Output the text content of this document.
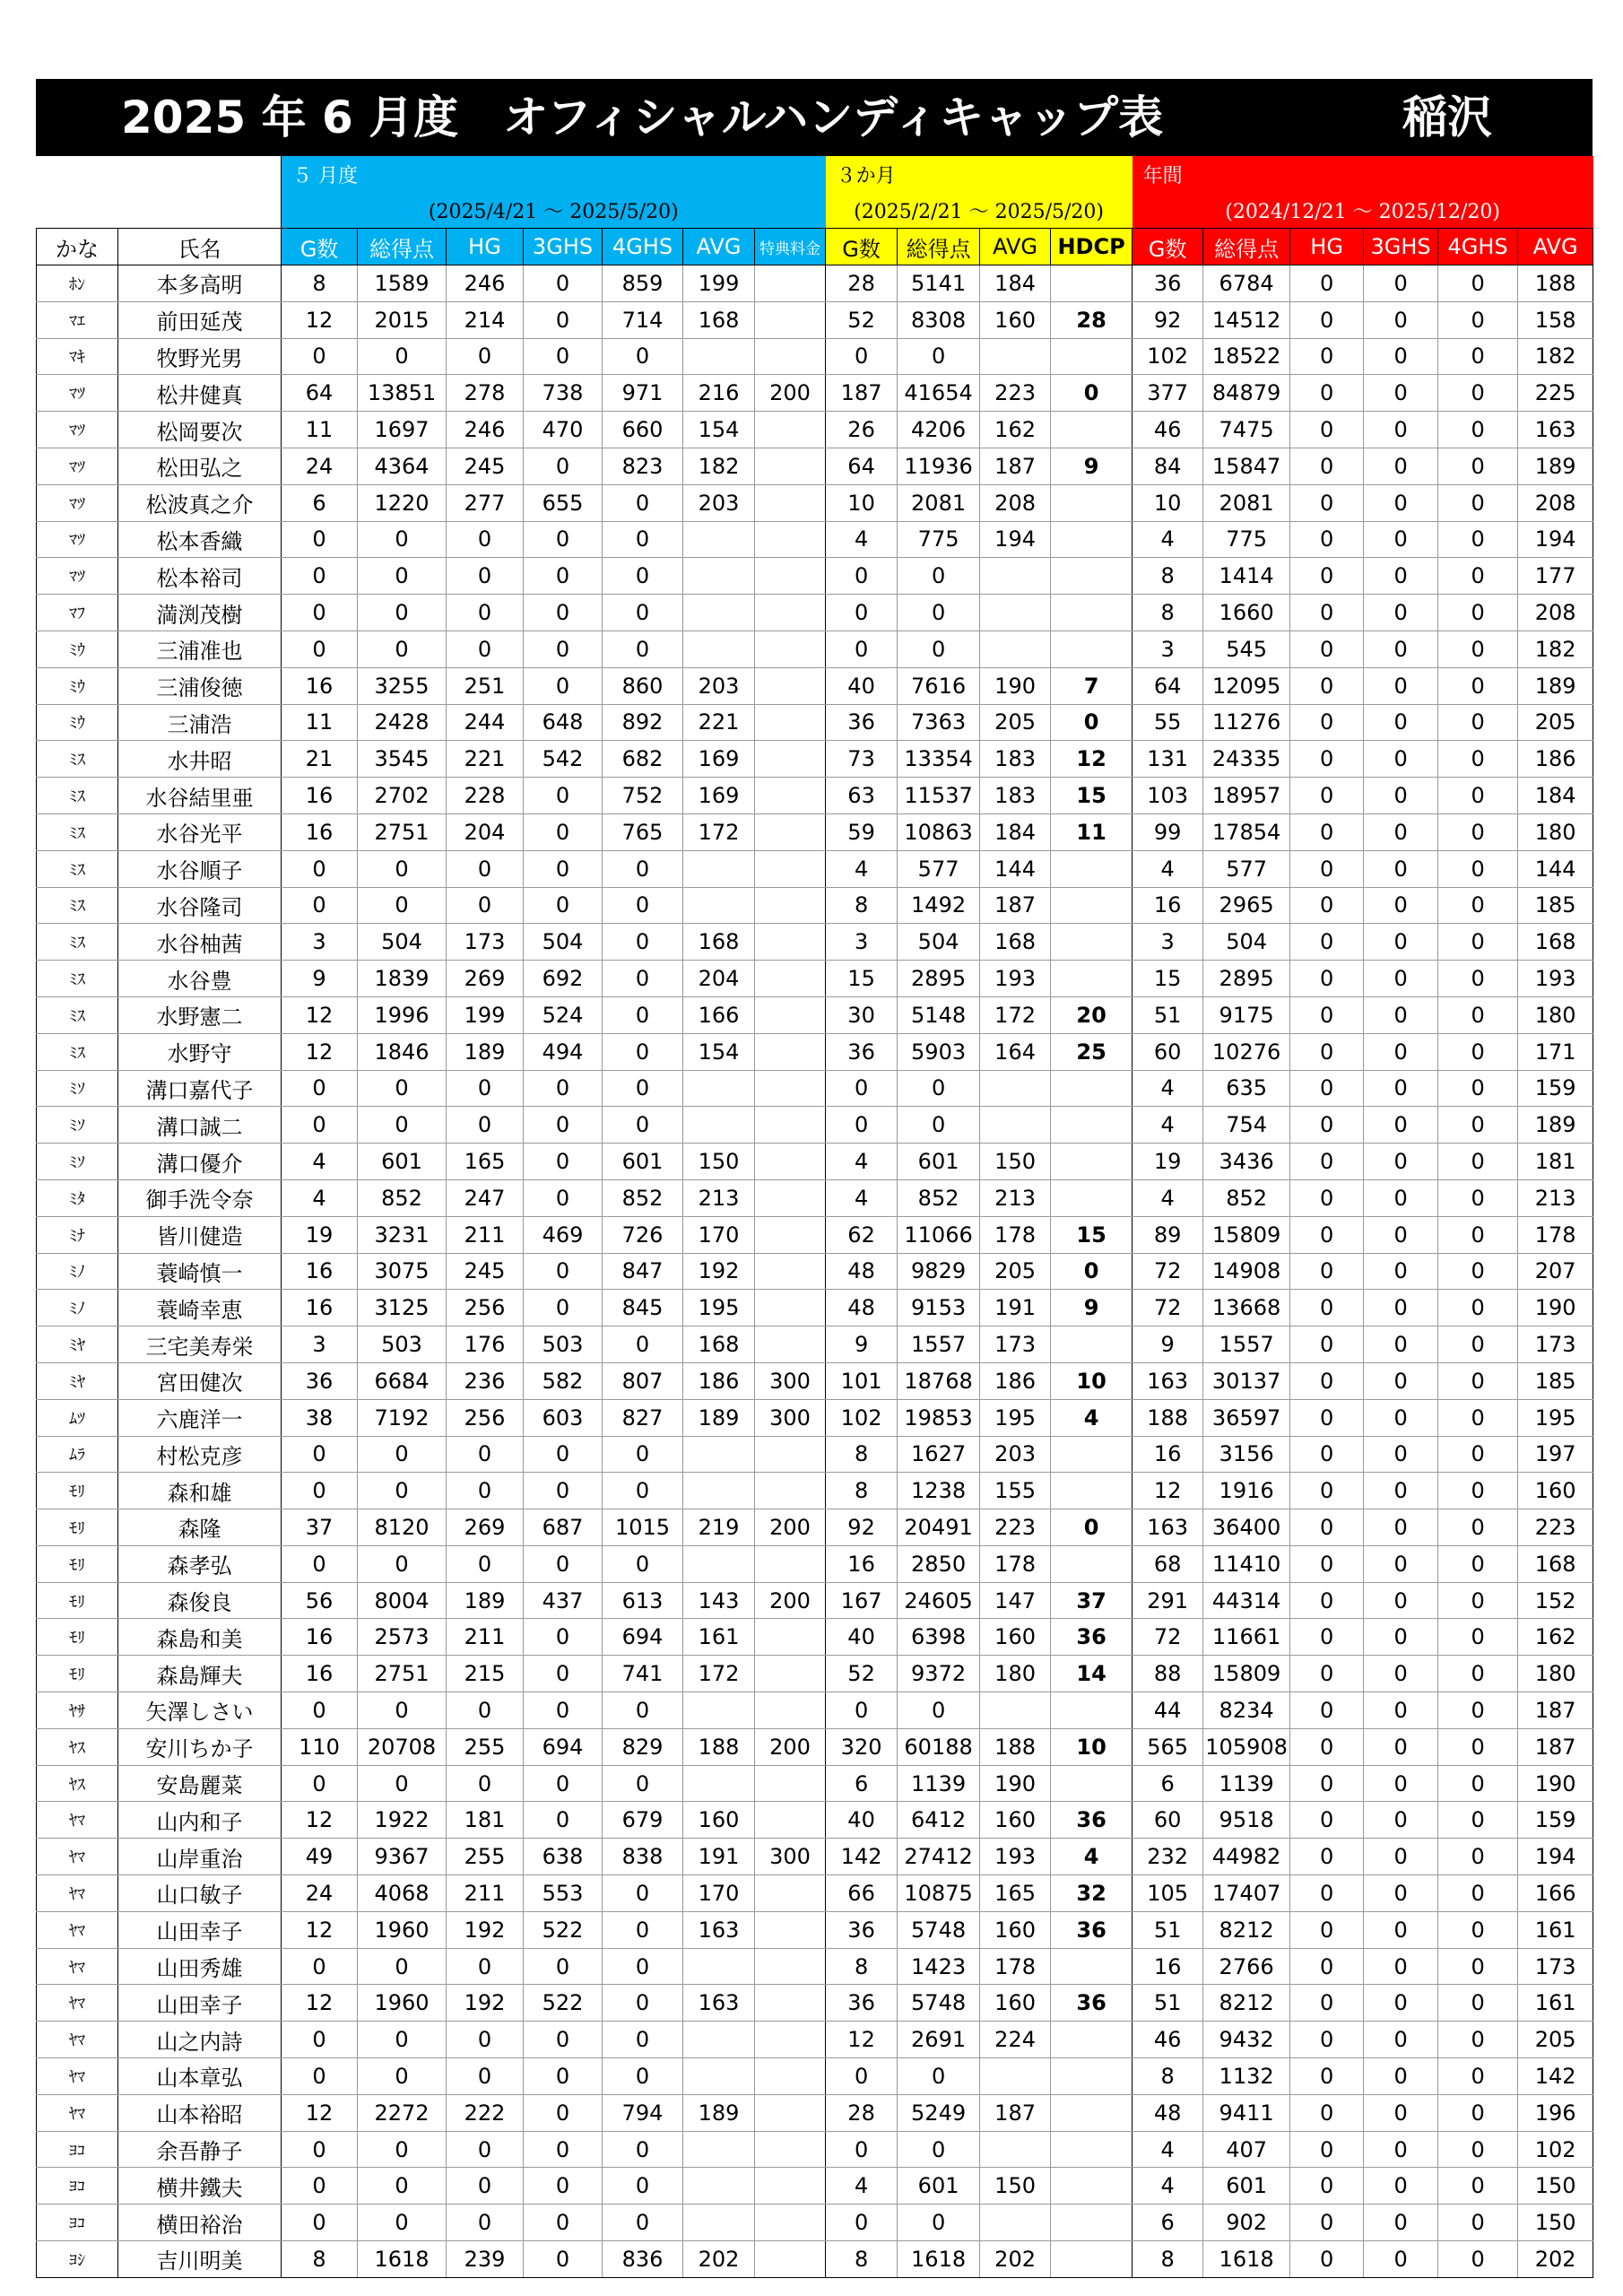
2025 年 6 月度　オフィシャルハンディキャップ表	稲沢
		５ 月度							３か月				年間					
		(2025/4/21 ～ 2025/5/20)							(2025/2/21 ～ 2025/5/20)				(2024/12/21 ～ 2025/12/20)					
かな	氏名	G数	総得点	HG	3GHS	4GHS	AVG	特典料金	G数	総得点	AVG	HDCP	G数	総得点	HG	3GHS	4GHS	AVG
ﾎﾝ	本多高明	8	1589	246	0	859	199		28	5141	184		36	6784	0	0	0	188
ﾏｴ	前田延茂	12	2015	214	0	714	168		52	8308	160	28	92	14512	0	0	0	158
ﾏｷ	牧野光男	0	0	0	0	0			0	0			102	18522	0	0	0	182
ﾏﾂ	松井健真	64	13851	278	738	971	216	200	187	41654	223	0	377	84879	0	0	0	225
ﾏﾂ	松岡要次	11	1697	246	470	660	154		26	4206	162		46	7475	0	0	0	163
ﾏﾂ	松田弘之	24	4364	245	0	823	182		64	11936	187	9	84	15847	0	0	0	189
ﾏﾂ	松波真之介	6	1220	277	655	0	203		10	2081	208		10	2081	0	0	0	208
ﾏﾂ	松本香織	0	0	0	0	0			4	775	194		4	775	0	0	0	194
ﾏﾂ	松本裕司	0	0	0	0	0			0	0			8	1414	0	0	0	177
ﾏﾌ	満渕茂樹	0	0	0	0	0			0	0			8	1660	0	0	0	208
ﾐｳ	三浦准也	0	0	0	0	0			0	0			3	545	0	0	0	182
ﾐｳ	三浦俊徳	16	3255	251	0	860	203		40	7616	190	7	64	12095	0	0	0	189
ﾐｳ	三浦浩	11	2428	244	648	892	221		36	7363	205	0	55	11276	0	0	0	205
ﾐｽ	水井昭	21	3545	221	542	682	169		73	13354	183	12	131	24335	0	0	0	186
ﾐｽ	水谷結里亜	16	2702	228	0	752	169		63	11537	183	15	103	18957	0	0	0	184
ﾐｽ	水谷光平	16	2751	204	0	765	172		59	10863	184	11	99	17854	0	0	0	180
ﾐｽ	水谷順子	0	0	0	0	0			4	577	144		4	577	0	0	0	144
ﾐｽ	水谷隆司	0	0	0	0	0			8	1492	187		16	2965	0	0	0	185
ﾐｽ	水谷柚茜	3	504	173	504	0	168		3	504	168		3	504	0	0	0	168
ﾐｽ	水谷豊	9	1839	269	692	0	204		15	2895	193		15	2895	0	0	0	193
ﾐｽ	水野憲二	12	1996	199	524	0	166		30	5148	172	20	51	9175	0	0	0	180
ﾐｽ	水野守	12	1846	189	494	0	154		36	5903	164	25	60	10276	0	0	0	171
ﾐｿ	溝口嘉代子	0	0	0	0	0			0	0			4	635	0	0	0	159
ﾐｿ	溝口誠二	0	0	0	0	0			0	0			4	754	0	0	0	189
ﾐｿ	溝口優介	4	601	165	0	601	150		4	601	150		19	3436	0	0	0	181
ﾐﾀ	御手洗令奈	4	852	247	0	852	213		4	852	213		4	852	0	0	0	213
ﾐﾅ	皆川健造	19	3231	211	469	726	170		62	11066	178	15	89	15809	0	0	0	178
ﾐﾉ	蓑崎慎一	16	3075	245	0	847	192		48	9829	205	0	72	14908	0	0	0	207
ﾐﾉ	蓑崎幸恵	16	3125	256	0	845	195		48	9153	191	9	72	13668	0	0	0	190
ﾐﾔ	三宅美寿栄	3	503	176	503	0	168		9	1557	173		9	1557	0	0	0	173
ﾐﾔ	宮田健次	36	6684	236	582	807	186	300	101	18768	186	10	163	30137	0	0	0	185
ﾑﾂ	六鹿洋一	38	7192	256	603	827	189	300	102	19853	195	4	188	36597	0	0	0	195
ﾑﾗ	村松克彦	0	0	0	0	0			8	1627	203		16	3156	0	0	0	197
ﾓﾘ	森和雄	0	0	0	0	0			8	1238	155		12	1916	0	0	0	160
ﾓﾘ	森隆	37	8120	269	687	1015	219	200	92	20491	223	0	163	36400	0	0	0	223
ﾓﾘ	森孝弘	0	0	0	0	0			16	2850	178		68	11410	0	0	0	168
ﾓﾘ	森俊良	56	8004	189	437	613	143	200	167	24605	147	37	291	44314	0	0	0	152
ﾓﾘ	森島和美	16	2573	211	0	694	161		40	6398	160	36	72	11661	0	0	0	162
ﾓﾘ	森島輝夫	16	2751	215	0	741	172		52	9372	180	14	88	15809	0	0	0	180
ﾔｻ	矢澤しさい	0	0	0	0	0			0	0			44	8234	0	0	0	187
ﾔｽ	安川ちか子	110	20708	255	694	829	188	200	320	60188	188	10	565	105908	0	0	0	187
ﾔｽ	安島麗菜	0	0	0	0	0			6	1139	190		6	1139	0	0	0	190
ﾔﾏ	山内和子	12	1922	181	0	679	160		40	6412	160	36	60	9518	0	0	0	159
ﾔﾏ	山岸重治	49	9367	255	638	838	191	300	142	27412	193	4	232	44982	0	0	0	194
ﾔﾏ	山口敏子	24	4068	211	553	0	170		66	10875	165	32	105	17407	0	0	0	166
ﾔﾏ	山田幸子	12	1960	192	522	0	163		36	5748	160	36	51	8212	0	0	0	161
ﾔﾏ	山田秀雄	0	0	0	0	0			8	1423	178		16	2766	0	0	0	173
ﾔﾏ	山田幸子	12	1960	192	522	0	163		36	5748	160	36	51	8212	0	0	0	161
ﾔﾏ	山之内詩	0	0	0	0	0			12	2691	224		46	9432	0	0	0	205
ﾔﾏ	山本章弘	0	0	0	0	0			0	0			8	1132	0	0	0	142
ﾔﾏ	山本裕昭	12	2272	222	0	794	189		28	5249	187		48	9411	0	0	0	196
ﾖｺ	余吾静子	0	0	0	0	0			0	0			4	407	0	0	0	102
ﾖｺ	横井鐵夫	0	0	0	0	0			4	601	150		4	601	0	0	0	150
ﾖｺ	横田裕治	0	0	0	0	0			0	0			6	902	0	0	0	150
ﾖｼ	吉川明美	8	1618	239	0	836	202		8	1618	202		8	1618	0	0	0	202
